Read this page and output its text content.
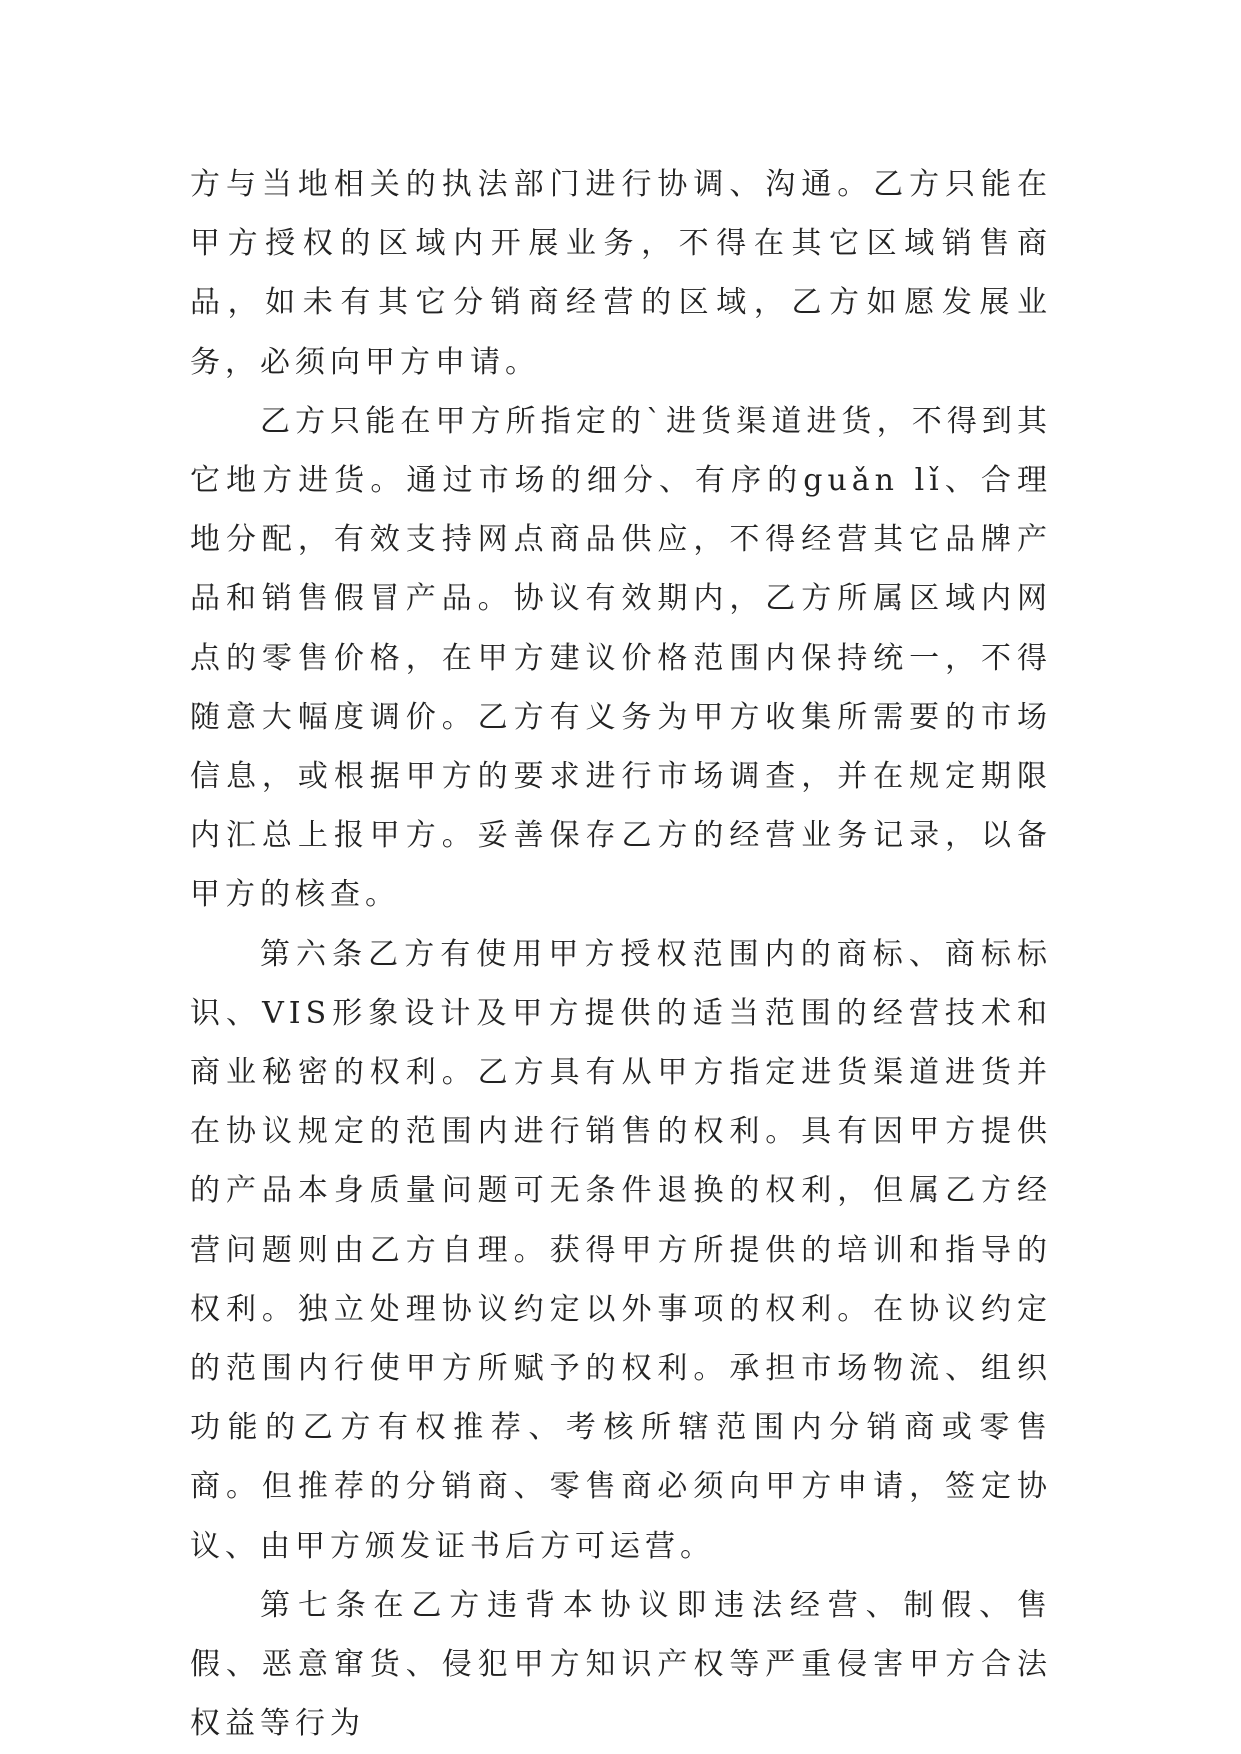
方与当地相关的执法部门进行协调、沟通。乙方只能在甲方授权的区域内开展业务，不得在其它区域销售商品，如未有其它分销商经营的区域，乙方如愿发展业务，必须向甲方申请。

乙方只能在甲方所指定的`进货渠道进货，不得到其它地方进货。通过市场的细分、有序的guǎn lǐ、合理地分配，有效支持网点商品供应，不得经营其它品牌产品和销售假冒产品。协议有效期内，乙方所属区域内网点的零售价格，在甲方建议价格范围内保持统一，不得随意大幅度调价。乙方有义务为甲方收集所需要的市场信息，或根据甲方的要求进行市场调查，并在规定期限内汇总上报甲方。妥善保存乙方的经营业务记录，以备甲方的核查。

第六条乙方有使用甲方授权范围内的商标、商标标识、VIS形象设计及甲方提供的适当范围的经营技术和商业秘密的权利。乙方具有从甲方指定进货渠道进货并在协议规定的范围内进行销售的权利。具有因甲方提供的产品本身质量问题可无条件退换的权利，但属乙方经营问题则由乙方自理。获得甲方所提供的培训和指导的权利。独立处理协议约定以外事项的权利。在协议约定的范围内行使甲方所赋予的权利。承担市场物流、组织功能的乙方有权推荐、考核所辖范围内分销商或零售商。但推荐的分销商、零售商必须向甲方申请，签定协议、由甲方颁发证书后方可运营。

第七条在乙方违背本协议即违法经营、制假、售假、恶意窜货、侵犯甲方知识产权等严重侵害甲方合法权益等行为
